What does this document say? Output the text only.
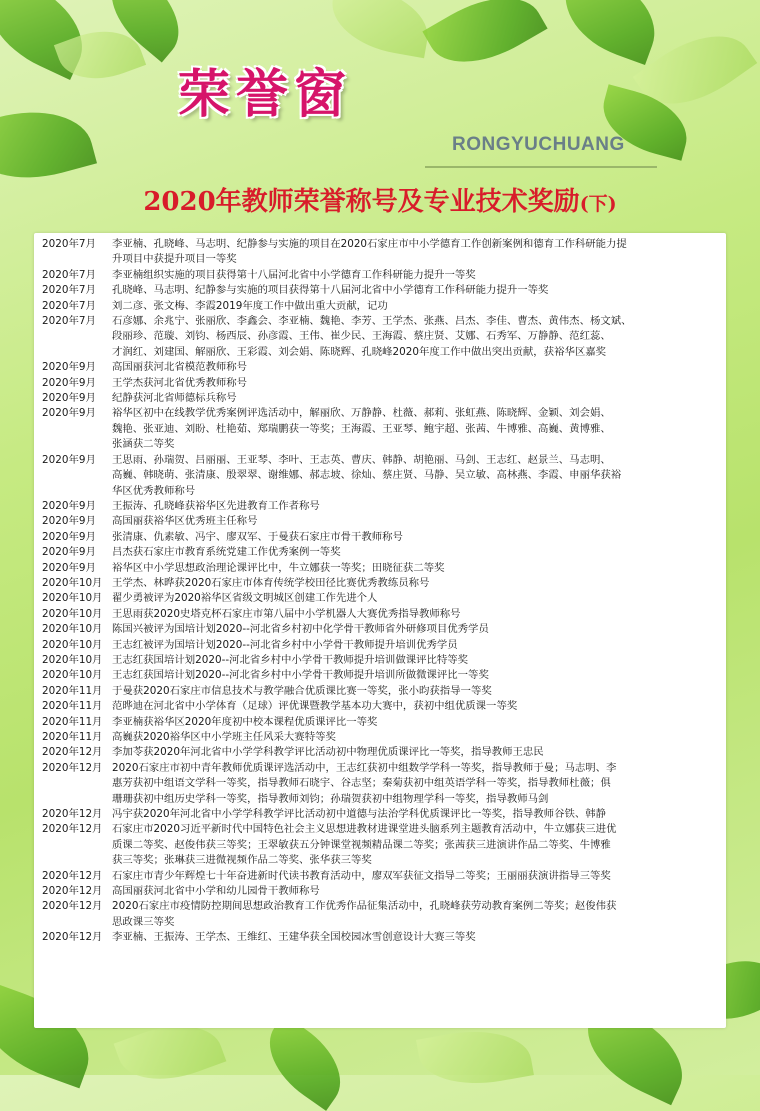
荣誉窗
RONGYUCHUANG
2020年教师荣誉称号及专业技术奖励(下)
2020年7月	李亚楠、孔晓峰、马志明、纪静参与实施的项目在2020石家庄市中小学德育工作创新案例和德育工作科研能力提
升项目中获提升项目一等奖
2020年7月	李亚楠组织实施的项目获得第十八届河北省中小学德育工作科研能力提升一等奖
2020年7月	孔晓峰、马志明、纪静参与实施的项目获得第十八届河北省中小学德育工作科研能力提升一等奖
2020年7月	刘二彦、张文梅、李霞2019年度工作中做出重大贡献，记功
2020年7月	石彦娜、余兆宁、张丽欣、李鑫会、李亚楠、魏艳、李芳、王学杰、张燕、吕杰、李佳、曹杰、黄伟杰、杨文斌、
段丽珍、范璇、刘钧、杨西辰、孙彦霞、王伟、崔少民、王海霞、蔡庄贤、艾娜、石秀军、万静静、范红蕊、
才润红、刘建国、解丽欣、王彩霞、刘会娟、陈晓辉、孔晓峰2020年度工作中做出突出贡献，获裕华区嘉奖
2020年9月	高国丽获河北省模范教师称号
2020年9月	王学杰获河北省优秀教师称号
2020年9月	纪静获河北省师德标兵称号
2020年9月	裕华区初中在线教学优秀案例评选活动中，解丽欣、万静静、杜薇、郝莉、张虹燕、陈晓辉、金颖、刘会娟、
魏艳、张亚迪、刘盼、杜艳茹、郑瑞鹏获一等奖；王海霞、王亚琴、鲍宇超、张茜、牛博雅、高巍、黄博雅、
张涵获二等奖
2020年9月	王思雨、孙瑞贺、吕丽丽、王亚琴、李叶、王志英、曹庆、韩静、胡艳丽、马剑、王志红、赵景兰、马志明、
高巍、韩晓萌、张清康、殷翠翠、谢维娜、郝志坡、徐灿、蔡庄贤、马静、吴立敏、高林燕、李霞、申丽华获裕
华区优秀教师称号
2020年9月	王振涛、孔晓峰获裕华区先进教育工作者称号
2020年9月	高国丽获裕华区优秀班主任称号
2020年9月	张清康、仇素敏、冯宇、廖双军、于曼获石家庄市骨干教师称号
2020年9月	吕杰获石家庄市教育系统党建工作优秀案例一等奖
2020年9月	裕华区中小学思想政治理论课评比中，牛立娜获一等奖；田晓征获二等奖
2020年10月 王学杰、林晔获2020石家庄市体育传统学校田径比赛优秀教练员称号
2020年10月 翟少勇被评为2020裕华区省级文明城区创建工作先进个人
2020年10月 王思雨获2020史塔克杯石家庄市第八届中小学机器人大赛优秀指导教师称号
2020年10月 陈国兴被评为国培计划2020--河北省乡村初中化学骨干教师省外研修项目优秀学员
2020年10月 王志红被评为国培计划2020--河北省乡村中小学骨干教师提升培训优秀学员
2020年10月 王志红获国培计划2020--河北省乡村中小学骨干教师提升培训做课评比特等奖
2020年10月 王志红获国培计划2020--河北省乡村中小学骨干教师提升培训所做微课评比一等奖
2020年11月 于曼获2020石家庄市信息技术与教学融合优质课比赛一等奖，张小昀获指导一等奖
2020年11月 范晔迪在河北省中小学体育（足球）评优课暨教学基本功大赛中，获初中组优质课一等奖
2020年11月 李亚楠获裕华区2020年度初中校本课程优质课评比一等奖
2020年11月 高巍获2020裕华区中小学班主任风采大赛特等奖
2020年12月 李加苓获2020年河北省中小学学科教学评比活动初中物理优质课评比一等奖，指导教师王忠民
2020年12月 2020石家庄市初中青年教师优质课评选活动中，王志红获初中组数学学科一等奖，指导教师于曼；马志明、李
惠芳获初中组语文学科一等奖，指导教师石晓宇、谷志坚；秦菊获初中组英语学科一等奖，指导教师杜薇；俱
珊珊获初中组历史学科一等奖，指导教师刘钧；孙瑞贺获初中组物理学科一等奖，指导教师马剑
2020年12月 冯宇获2020年河北省中小学学科教学评比活动初中道德与法治学科优质课评比一等奖，指导教师谷铁、韩静
2020年12月 石家庄市2020习近平新时代中国特色社会主义思想进教材进课堂进头脑系列主题教育活动中，牛立娜获三进优
质课二等奖、赵俊伟获三等奖；王翠敏获五分钟课堂视频精品课二等奖；张茜获三进演讲作品二等奖、牛博雅
获三等奖；张琳获三进微视频作品二等奖、张华获三等奖
2020年12月 石家庄市青少年辉煌七十年奋进新时代读书教育活动中，廖双军获征文指导二等奖；王丽丽获演讲指导三等奖
2020年12月 高国丽获河北省中小学和幼儿园骨干教师称号
2020年12月 2020石家庄市疫情防控期间思想政治教育工作优秀作品征集活动中，孔晓峰获劳动教育案例二等奖；赵俊伟获
思政课三等奖
2020年12月 李亚楠、王振涛、王学杰、王维红、王建华获全国校园冰雪创意设计大赛三等奖
